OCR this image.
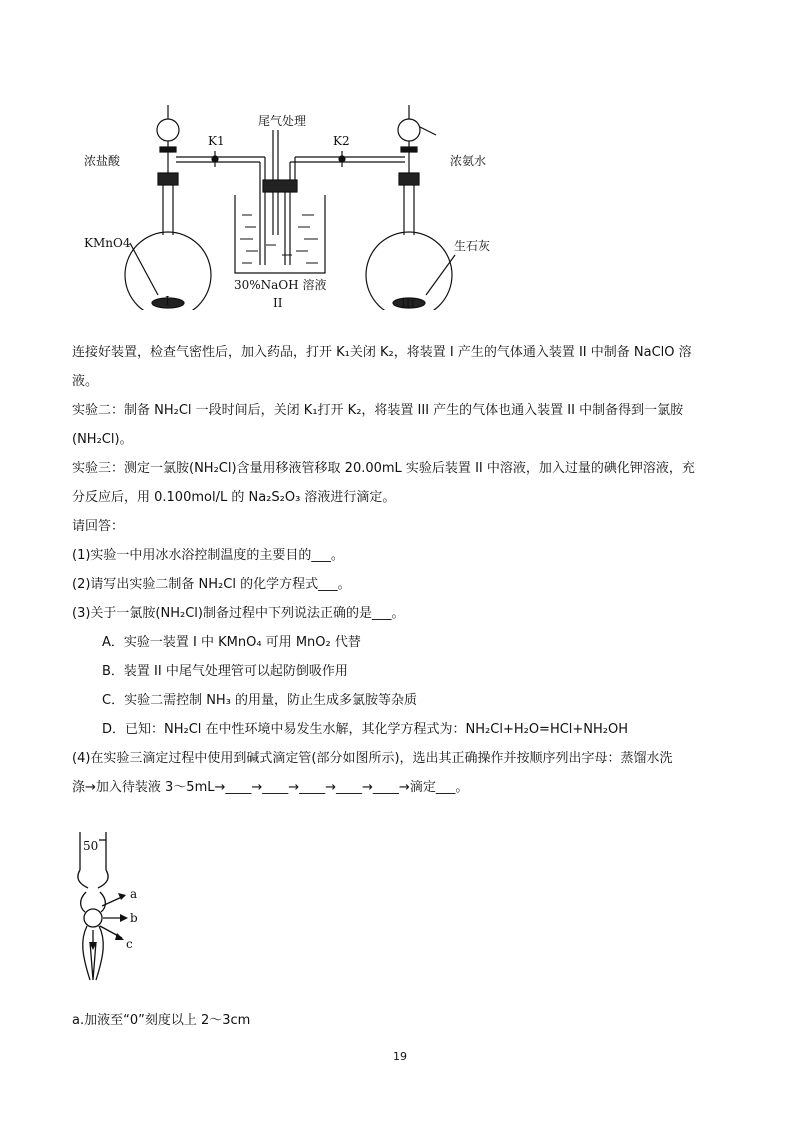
浓盐酸
K1
尾气处理
K2
浓氨水
KMnO4	生石灰
30%NaOH 溶液
I	II	III
连接好装置，检查气密性后，加入药品，打开 K₁关闭 K₂，将装置 I 产生的气体通入装置 II 中制备 NaClO 溶
液。
实验二：制备 NH₂Cl 一段时间后，关闭 K₁打开 K₂，将装置 III 产生的气体也通入装置 II 中制备得到一氯胺
(NH₂Cl)。
实验三：测定一氯胺(NH₂Cl)含量用移液管移取 20.00mL 实验后装置 II 中溶液，加入过量的碘化钾溶液，充
分反应后，用 0.100mol/L 的 Na₂S₂O₃ 溶液进行滴定。
请回答：
(1)实验一中用冰水浴控制温度的主要目的___。
(2)请写出实验二制备 NH₂Cl 的化学方程式___。
(3)关于一氯胺(NH₂Cl)制备过程中下列说法正确的是___。
A．实验一装置 I 中 KMnO₄ 可用 MnO₂ 代替
B．装置 II 中尾气处理管可以起防倒吸作用
C．实验二需控制 NH₃ 的用量，防止生成多氯胺等杂质
D．已知：NH₂Cl 在中性环境中易发生水解，其化学方程式为：NH₂Cl+H₂O=HCl+NH₂OH
(4)在实验三滴定过程中使用到碱式滴定管(部分如图所示)，选出其正确操作并按顺序列出字母：蒸馏水洗
涤→加入待装液 3～5mL→____→____→____→____→____→滴定___。
50
a
b
c
a.加液至“0”刻度以上 2～3cm
19
